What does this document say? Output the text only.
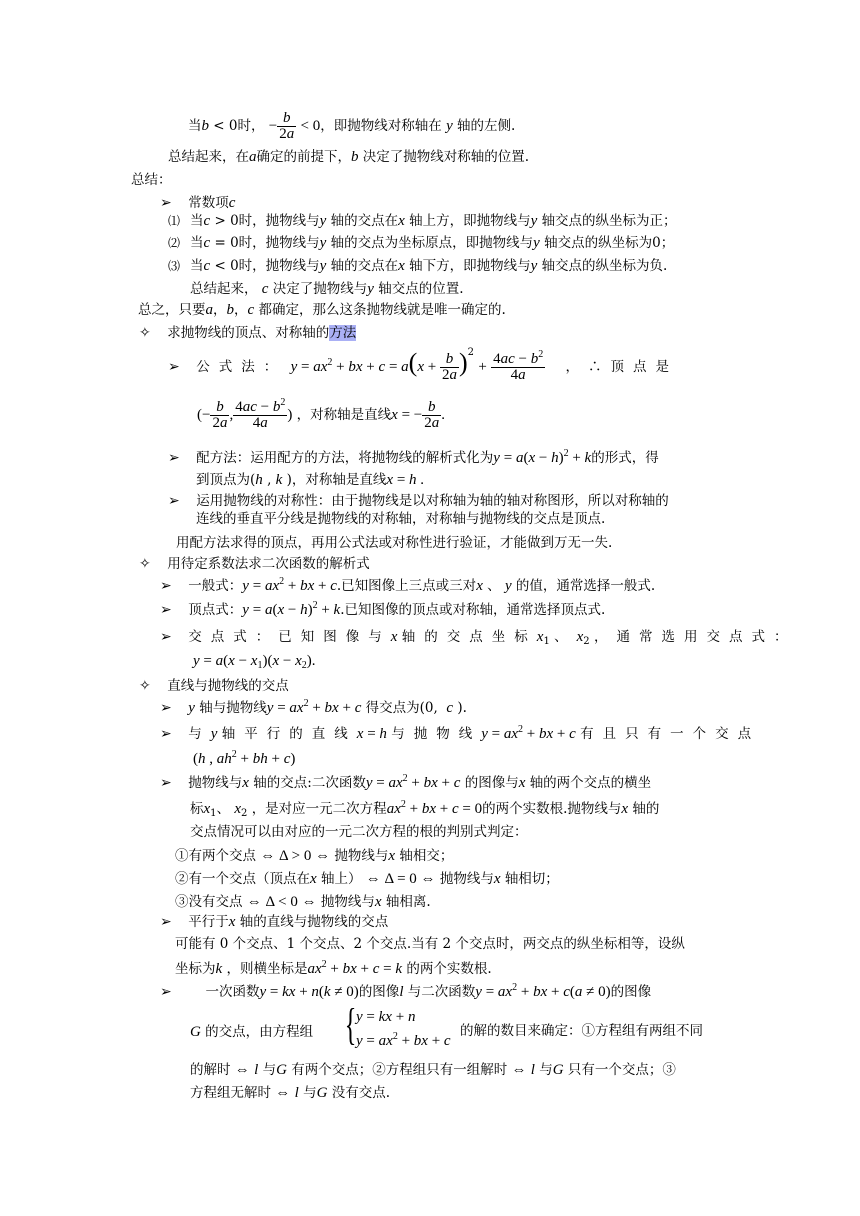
当b < 0时， − $\frac{b}{2a} < 0$，即抛物线对称轴在 y 轴的左侧.
总结起来，在a确定的前提下，b 决定了抛物线对称轴的位置.
总结：
➢ 常数项c
⑴ 当c > 0时，抛物线与y 轴的交点在x 轴上方，即抛物线与y 轴交点的纵坐标为正；
⑵ 当c = 0时，抛物线与y 轴的交点为坐标原点，即抛物线与y 轴交点的纵坐标为0；
⑶ 当c < 0时，抛物线与y 轴的交点在x 轴下方，即抛物线与y 轴交点的纵坐标为负.
总结起来， c 决定了抛物线与y 轴交点的位置.
总之，只要a，b，c 都确定，那么这条抛物线就是唯一确定的.
✧ 求抛物线的顶点、对称轴的方法
➢ 公式法： $y = ax^2$ + bx + $c = a(x + \frac{b}{2a} )^2 + \frac{4ac - b^2}{4a}$ ，∴顶点是
(− $\frac{b}{2a}$ , $\frac{4ac - b^2}{4a}$ ) ，对称轴是直线x = − $\frac{b}{2a}$ .
➢ 配方法：运用配方的方法，将抛物线的解析式化为$y = a(x - h)^2 + k$的形式，得
到顶点为(h , k )，对称轴是直线x = h .
➢ 运用抛物线的对称性：由于抛物线是以对称轴为轴的轴对称图形，所以对称轴的
连线的垂直平分线是抛物线的对称轴，对称轴与抛物线的交点是顶点.
用配方法求得的顶点，再用公式法或对称性进行验证，才能做到万无一失.
✧ 用待定系数法求二次函数的解析式
➢ 一般式：$y = ax^2$ + bx + c.已知图像上三点或三对x 、 y 的值，通常选择一般式.
➢ 顶点式：$y = a(x - h)^2 + k$.已知图像的顶点或对称轴，通常选择顶点式.
➢ 交点式：已知图像与x 轴的交点坐标$x_1$ 、$x_2$ ，通常选用交点式：
$y = a(x - x_1)(x - x_2)$.
✧ 直线与抛物线的交点
➢ y 轴与抛物线$y = ax^2$ + bx + c 得交点为(0, c ).
➢ 与y 轴平行的直线x = h 与抛物线$y = ax^2$ + bx + c 有且只有一个交点
(h , $ah^2$ + bh + c)
➢ 抛物线与x 轴的交点:二次函数$y = ax^2$ + bx + c 的图像与x 轴的两个交点的横坐
标$x_1$、 $x_2$ ，是对应一元二次方程$ax^2$ + bx + c = 0的两个实数根.抛物线与x 轴的
交点情况可以由对应的一元二次方程的根的判别式判定：
①有两个交点 ⇔ Δ > 0 ⇔ 抛物线与x 轴相交；
②有一个交点（顶点在x 轴上） ⇔ Δ = 0 ⇔ 抛物线与x 轴相切；
③没有交点 ⇔ Δ < 0 ⇔ 抛物线与x 轴相离.
➢ 平行于x 轴的直线与抛物线的交点
可能有 0 个交点、1 个交点、2 个交点.当有 2 个交点时，两交点的纵坐标相等，设纵
坐标为k ，则横坐标是$ax^2$ + bx + c = k 的两个实数根.
➢ 一次函数y = kx + n(k ≠ 0)的图像l 与二次函数$y = ax^2$ + bx + c(a ≠ 0)的图像
G 的交点，由方程组 { y = kx + n
$y = ax^2$ + bx + c
的解的数目来确定：①方程组有两组不同
的解时 ⇔ l 与G 有两个交点；②方程组只有一组解时 ⇔ l 与G 只有一个交点；③
方程组无解时 ⇔ l 与G 没有交点.
